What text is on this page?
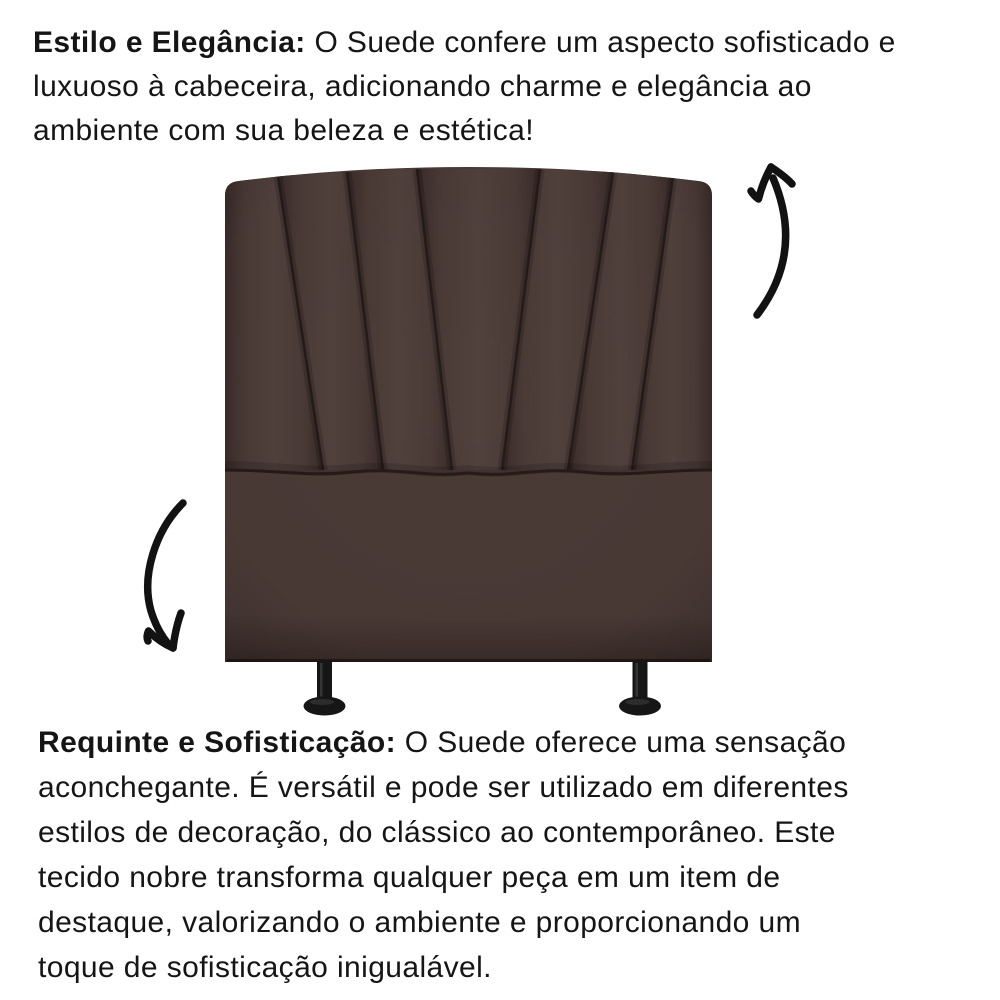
Estilo e Elegância: O Suede confere um aspecto sofisticado e
luxuoso à cabeceira, adicionando charme e elegância ao
ambiente com sua beleza e estética!
Requinte e Sofisticação: O Suede oferece uma sensação
aconchegante. É versátil e pode ser utilizado em diferentes
estilos de decoração, do clássico ao contemporâneo. Este
tecido nobre transforma qualquer peça em um item de
destaque, valorizando o ambiente e proporcionando um
toque de sofisticação inigualável.
